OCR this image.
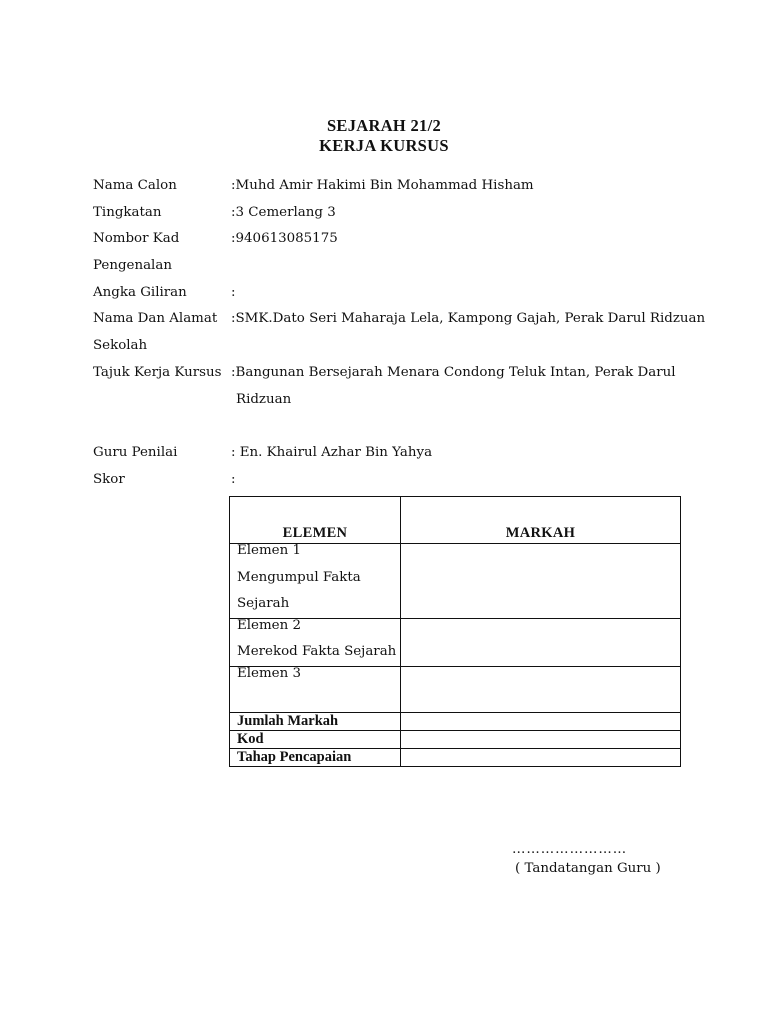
SEJARAH 21/2
KERJA KURSUS
Nama Calon	:Muhd Amir Hakimi Bin Mohammad Hisham
Tingkatan	:3 Cemerlang 3
Nombor Kad	:940613085175
Pengenalan
Angka Giliran	:
Nama Dan Alamat :SMK.Dato Seri Maharaja Lela, Kampong Gajah, Perak Darul Ridzuan
Sekolah
Tajuk Kerja Kursus :Bangunan Bersejarah Menara Condong Teluk Intan, Perak Darul
Ridzuan
Guru Penilai	: En. Khairul Azhar Bin Yahya
Skor	:
ELEMEN	MARKAH

Elemen 1
Mengumpul Fakta
Sejarah	

Elemen 2
Merekod Fakta Sejarah	

Elemen 3	

Jumlah Markah	
Kod	
Tahap Pencapaian	
……………………
( Tandatangan Guru )
